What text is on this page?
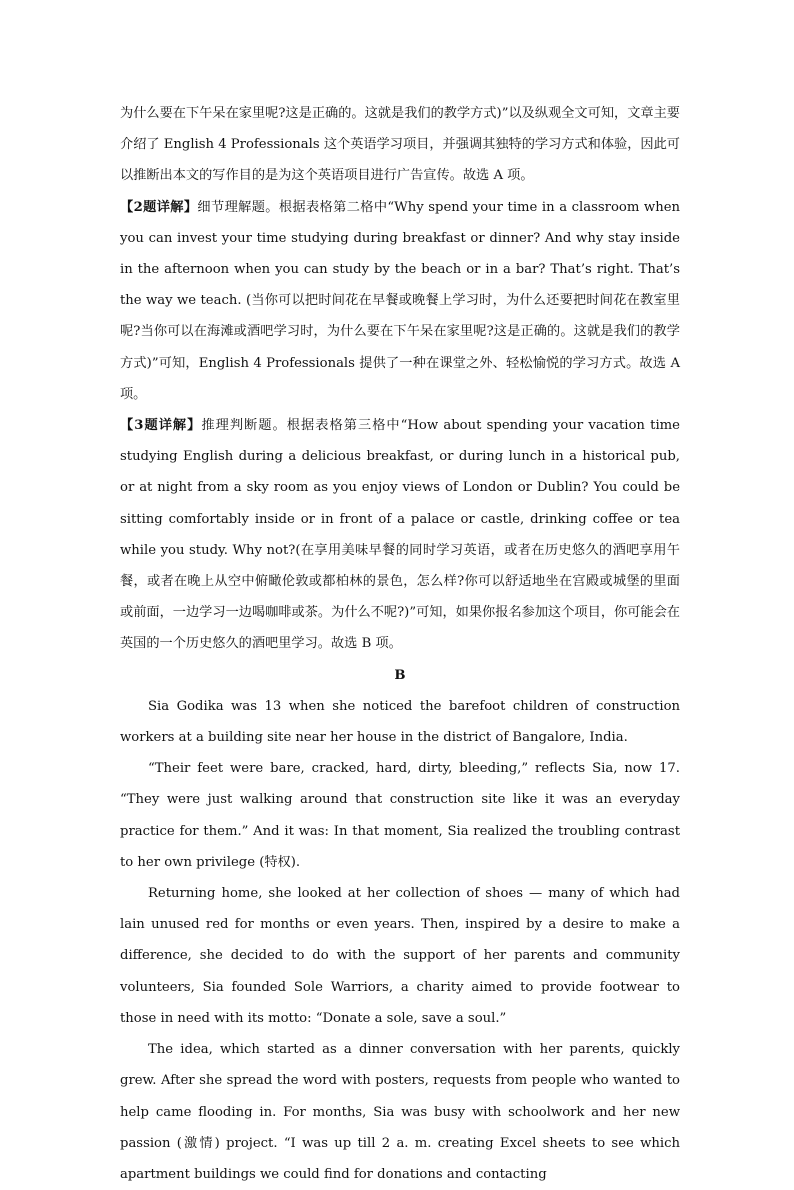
为什么要在下午呆在家里呢?这是正确的。这就是我们的教学方式)”以及纵观全文可知，文章主要介绍了 English 4 Professionals 这个英语学习项目，并强调其独特的学习方式和体验，因此可以推断出本文的写作目的是为这个英语项目进行广告宣传。故选 A 项。

【2题详解】细节理解题。根据表格第二格中“Why spend your time in a classroom when you can invest your time studying during breakfast or dinner? And why stay inside in the afternoon when you can study by the beach or in a bar? That’s right. That’s the way we teach. (当你可以把时间花在早餐或晚餐上学习时，为什么还要把时间花在教室里呢?当你可以在海滩或酒吧学习时，为什么要在下午呆在家里呢?这是正确的。这就是我们的教学方式)”可知，English 4 Professionals 提供了一种在课堂之外、轻松愉悦的学习方式。故选 A 项。

【3题详解】推理判断题。根据表格第三格中“How about spending your vacation time studying English during a delicious breakfast, or during lunch in a historical pub, or at night from a sky room as you enjoy views of London or Dublin? You could be sitting comfortably inside or in front of a palace or castle, drinking coffee or tea while you study. Why not?(在享用美味早餐的同时学习英语，或者在历史悠久的酒吧享用午餐，或者在晚上从空中俯瞰伦敦或都柏林的景色，怎么样?你可以舒适地坐在宫殿或城堡的里面或前面，一边学习一边喝咖啡或茶。为什么不呢?)”可知，如果你报名参加这个项目，你可能会在英国的一个历史悠久的酒吧里学习。故选 B 项。

B

Sia Godika was 13 when she noticed the barefoot children of construction workers at a building site near her house in the district of Bangalore, India.

“Their feet were bare, cracked, hard, dirty, bleeding,” reflects Sia, now 17. “They were just walking around that construction site like it was an everyday practice for them.” And it was: In that moment, Sia realized the troubling contrast to her own privilege (特权).

Returning home, she looked at her collection of shoes — many of which had lain unused red for months or even years. Then, inspired by a desire to make a difference, she decided to do with the support of her parents and community volunteers, Sia founded Sole Warriors, a charity aimed to provide footwear to those in need with its motto: “Donate a sole, save a soul.”

The idea, which started as a dinner conversation with her parents, quickly grew. After she spread the word with posters, requests from people who wanted to help came flooding in. For months, Sia was busy with schoolwork and her new passion (激情) project. “I was up till 2 a. m. creating Excel sheets to see which apartment buildings we could find for donations and contacting
